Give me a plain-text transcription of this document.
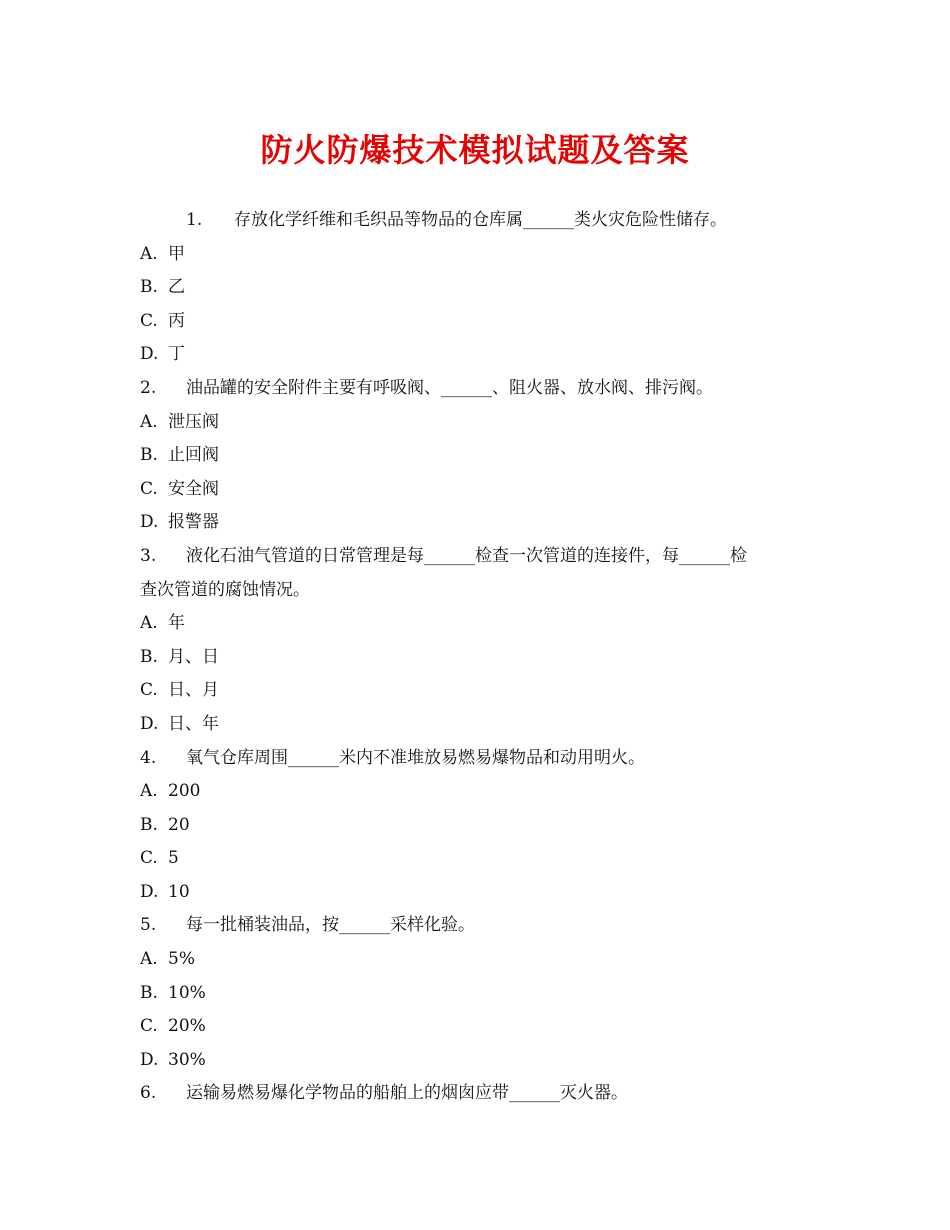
防火防爆技术模拟试题及答案
1. 存放化学纤维和毛织品等物品的仓库属______类火灾危险性储存。
A. 甲
B. 乙
C. 丙
D. 丁
2. 油品罐的安全附件主要有呼吸阀、______、阻火器、放水阀、排污阀。
A. 泄压阀
B. 止回阀
C. 安全阀
D. 报警器
3. 液化石油气管道的日常管理是每______检查一次管道的连接件，每______检
查次管道的腐蚀情况。
A. 年
B. 月、日
C. 日、月
D. 日、年
4. 氧气仓库周围______米内不准堆放易燃易爆物品和动用明火。
A. 200
B. 20
C. 5
D. 10
5. 每一批桶装油品，按______采样化验。
A. 5%
B. 10%
C. 20%
D. 30%
6. 运输易燃易爆化学物品的船舶上的烟囱应带______灭火器。
